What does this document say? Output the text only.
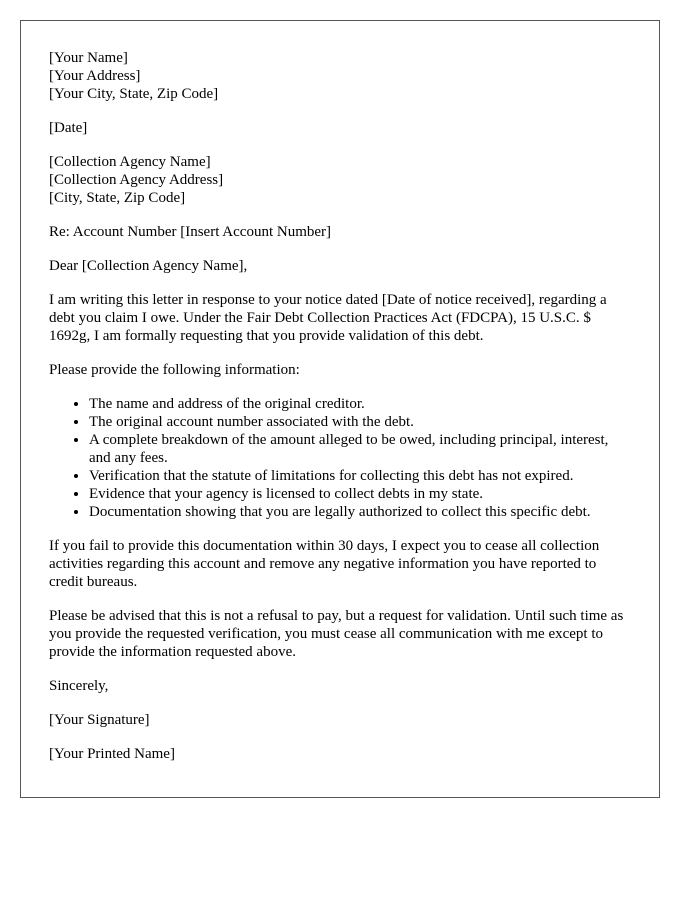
[Your Name]
[Your Address]
[Your City, State, Zip Code]

[Date]

[Collection Agency Name]
[Collection Agency Address]
[City, State, Zip Code]

Re: Account Number [Insert Account Number]

Dear [Collection Agency Name],

I am writing this letter in response to your notice dated [Date of notice received], regarding a debt you claim I owe. Under the Fair Debt Collection Practices Act (FDCPA), 15 U.S.C. $ 1692g, I am formally requesting that you provide validation of this debt.

Please provide the following information:

• The name and address of the original creditor.
• The original account number associated with the debt.
• A complete breakdown of the amount alleged to be owed, including principal, interest, and any fees.
• Verification that the statute of limitations for collecting this debt has not expired.
• Evidence that your agency is licensed to collect debts in my state.
• Documentation showing that you are legally authorized to collect this specific debt.

If you fail to provide this documentation within 30 days, I expect you to cease all collection activities regarding this account and remove any negative information you have reported to credit bureaus.

Please be advised that this is not a refusal to pay, but a request for validation. Until such time as you provide the requested verification, you must cease all communication with me except to provide the information requested above.

Sincerely,

[Your Signature]

[Your Printed Name]
